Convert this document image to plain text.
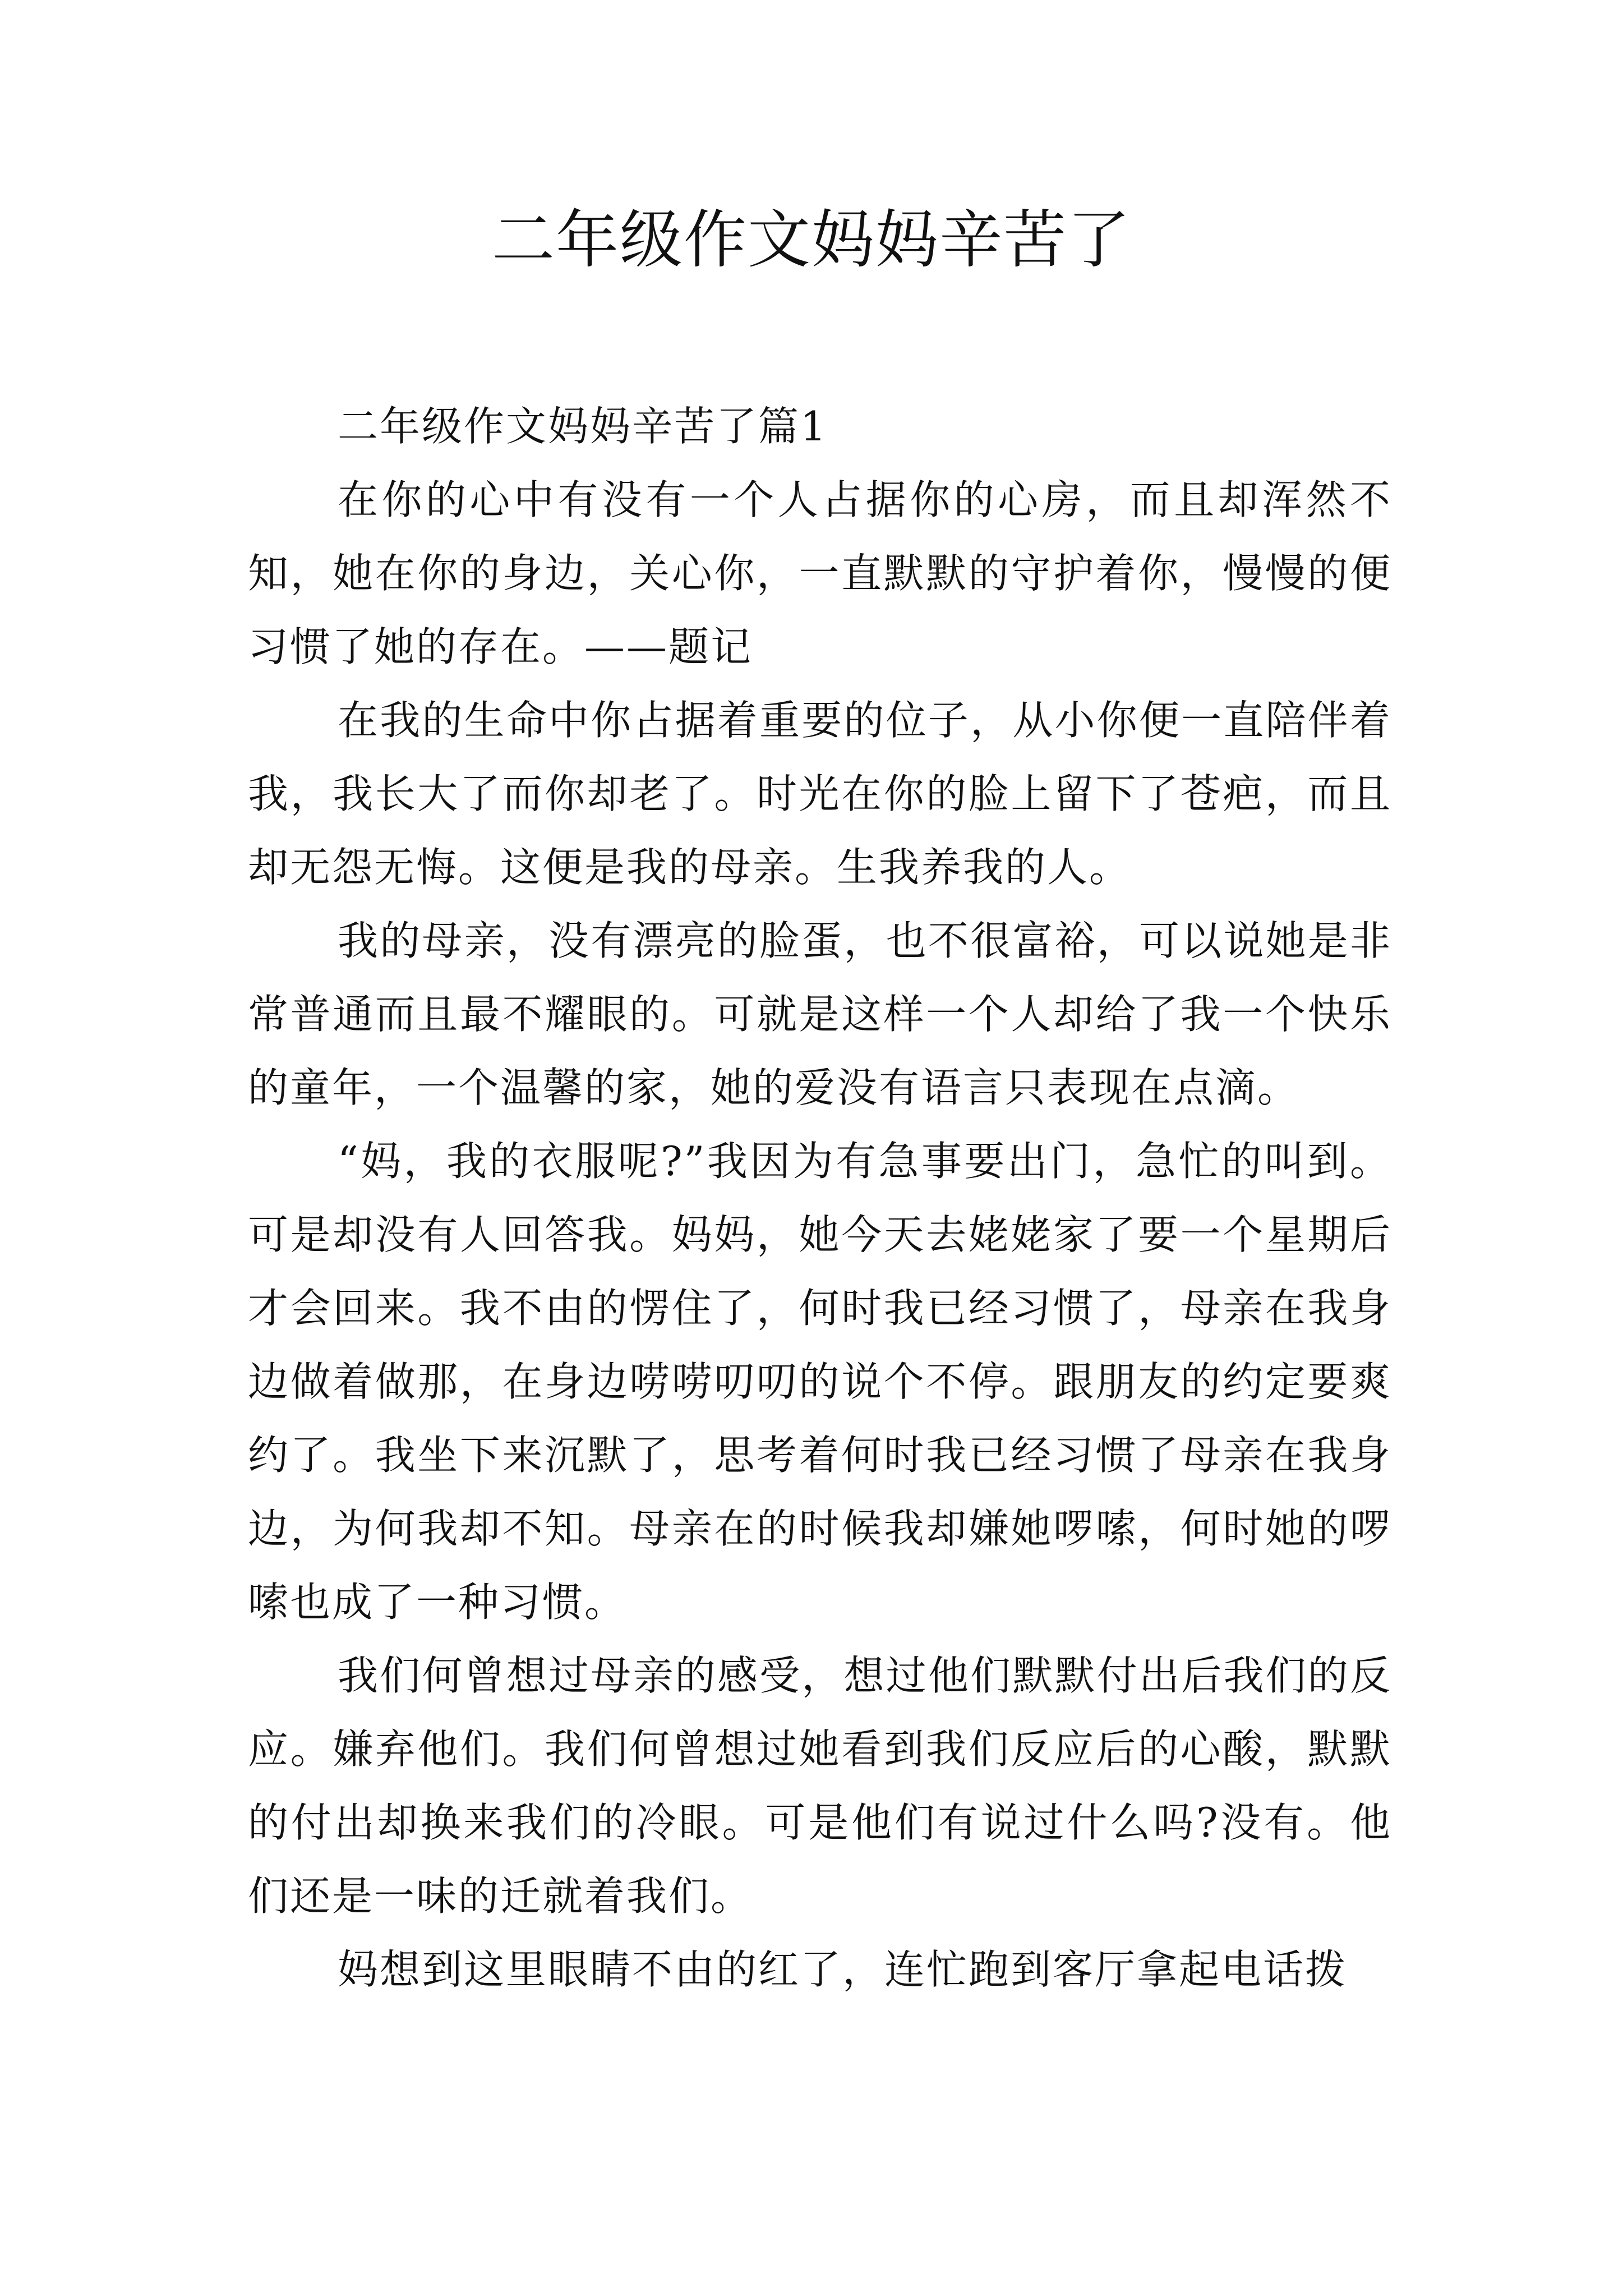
二年级作文妈妈辛苦了

二年级作文妈妈辛苦了篇1

在你的心中有没有一个人占据你的心房，而且却浑然不知，她在你的身边，关心你，一直默默的守护着你，慢慢的便习惯了她的存在。——题记

在我的生命中你占据着重要的位子，从小你便一直陪伴着我，我长大了而你却老了。时光在你的脸上留下了苍疤，而且却无怨无悔。这便是我的母亲。生我养我的人。

我的母亲，没有漂亮的脸蛋，也不很富裕，可以说她是非常普通而且最不耀眼的。可就是这样一个人却给了我一个快乐的童年，一个温馨的家，她的爱没有语言只表现在点滴。

“妈，我的衣服呢?”我因为有急事要出门，急忙的叫到。可是却没有人回答我。妈妈，她今天去姥姥家了要一个星期后才会回来。我不由的愣住了，何时我已经习惯了，母亲在我身边做着做那，在身边唠唠叨叨的说个不停。跟朋友的约定要爽约了。我坐下来沉默了，思考着何时我已经习惯了母亲在我身边，为何我却不知。母亲在的时候我却嫌她啰嗦，何时她的啰嗦也成了一种习惯。

我们何曾想过母亲的感受，想过他们默默付出后我们的反应。嫌弃他们。我们何曾想过她看到我们反应后的心酸，默默的付出却换来我们的冷眼。可是他们有说过什么吗?没有。他们还是一味的迁就着我们。

妈想到这里眼睛不由的红了，连忙跑到客厅拿起电话拨
